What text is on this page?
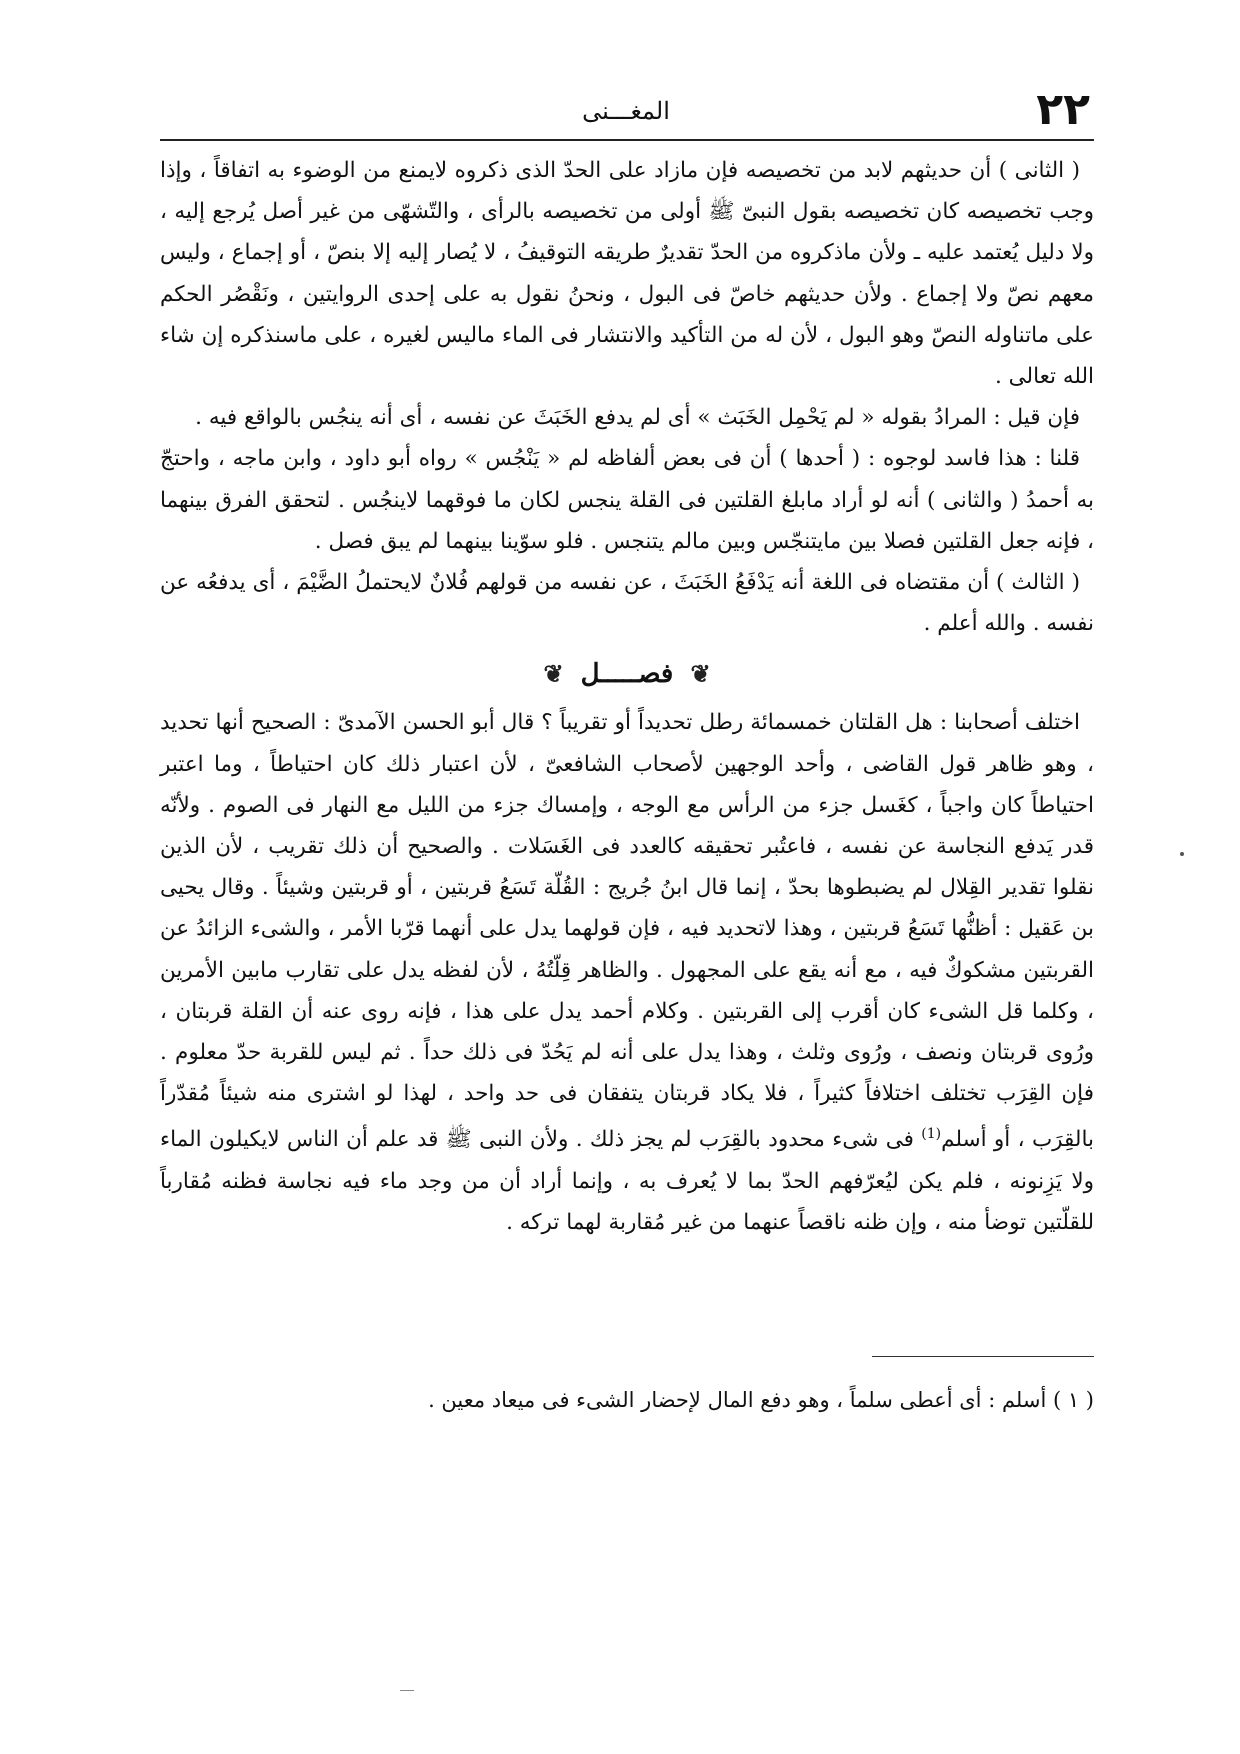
٢٢
المغـــنى

( الثانى ) أن حديثهم لابد من تخصيصه فإن مازاد على الحدّ الذى ذكروه لايمنع من الوضوء به اتفاقاً ، وإذا وجب تخصيصه كان تخصيصه بقول النبىّ ﷺ أولى من تخصيصه بالرأى ، والتّشهّى من غير أصل يُرجع إليه ، ولا دليل يُعتمد عليه ـ ولأن ماذكروه من الحدّ تقديرٌ طريقه التوقيفُ ، لا يُصار إليه إلا بنصّ ، أو إجماع ، وليس معهم نصّ ولا إجماع . ولأن حديثهم خاصّ فى البول ، ونحنُ نقول به على إحدى الروايتين ، ونَقْصُر الحكم على ماتناوله النصّ وهو البول ، لأن له من التأكيد والانتشار فى الماء ماليس لغيره ، على ماسنذكره إن شاء الله تعالى .

فإن قيل : المرادُ بقوله « لم يَحْمِل الخَبَث » أى لم يدفع الخَبَثَ عن نفسه ، أى أنه ينجُس بالواقع فيه .

قلنا : هذا فاسد لوجوه : ( أحدها ) أن فى بعض ألفاظه لم « يَنْجُس » رواه أبو داود ، وابن ماجه ، واحتجّ به أحمدُ ( والثانى ) أنه لو أراد مابلغ القلتين فى القلة ينجس لكان ما فوقهما لاينجُس . لتحقق الفرق بينهما ، فإنه جعل القلتين فصلا بين مايتنجّس وبين مالم يتنجس . فلو سوّينا بينهما لم يبق فصل .

( الثالث ) أن مقتضاه فى اللغة أنه يَدْفَعُ الخَبَثَ ، عن نفسه من قولهم فُلانٌ لايحتملُ الضَّيْمَ ، أى يدفعُه عن نفسه . والله أعلم .

❦ فصـــــل ❦

اختلف أصحابنا : هل القلتان خمسمائة رطل تحديداً أو تقريباً ؟ قال أبو الحسن الآمدىّ : الصحيح أنها تحديد ، وهو ظاهر قول القاضى ، وأحد الوجهين لأصحاب الشافعىّ ، لأن اعتبار ذلك كان احتياطاً ، وما اعتبر احتياطاً كان واجباً ، كغَسل جزء من الرأس مع الوجه ، وإمساك جزء من الليل مع النهار فى الصوم . ولأنّه قدر يَدفع النجاسة عن نفسه ، فاعتُبر تحقيقه كالعدد فى الغَسَلات . والصحيح أن ذلك تقريب ، لأن الذين نقلوا تقدير القِلال لم يضبطوها بحدّ ، إنما قال ابنُ جُريج : القُلّة تَسَعُ قربتين ، أو قربتين وشيئاً . وقال يحيى بن عَقيل : أظنُّها تَسَعُ قربتين ، وهذا لاتحديد فيه ، فإن قولهما يدل على أنهما قرّبا الأمر ، والشىء الزائدُ عن القربتين مشكوكٌ فيه ، مع أنه يقع على المجهول . والظاهر قِلّتُهُ ، لأن لفظه يدل على تقارب مابين الأمرين ، وكلما قل الشىء كان أقرب إلى القربتين . وكلام أحمد يدل على هذا ، فإنه روى عنه أن القلة قربتان ، ورُوى قربتان ونصف ، ورُوى وثلث ، وهذا يدل على أنه لم يَحُدّ فى ذلك حداً . ثم ليس للقربة حدّ معلوم . فإن القِرَب تختلف اختلافاً كثيراً ، فلا يكاد قربتان يتفقان فى حد واحد ، لهذا لو اشترى منه شيئاً مُقدّراً بالقِرَب ، أو أسلم$^{(1)}$ فى شىء محدود بالقِرَب لم يجز ذلك . ولأن النبى ﷺ قد علم أن الناس لايكيلون الماء ولا يَزِنونه ، فلم يكن ليُعرّفهم الحدّ بما لا يُعرف به ، وإنما أراد أن من وجد ماء فيه نجاسة فظنه مُقارباً للقلّتين توضأ منه ، وإن ظنه ناقصاً عنهما من غير مُقاربة لهما تركه .

( ١ ) أسلم : أى أعطى سلماً ، وهو دفع المال لإحضار الشىء فى ميعاد معين .
